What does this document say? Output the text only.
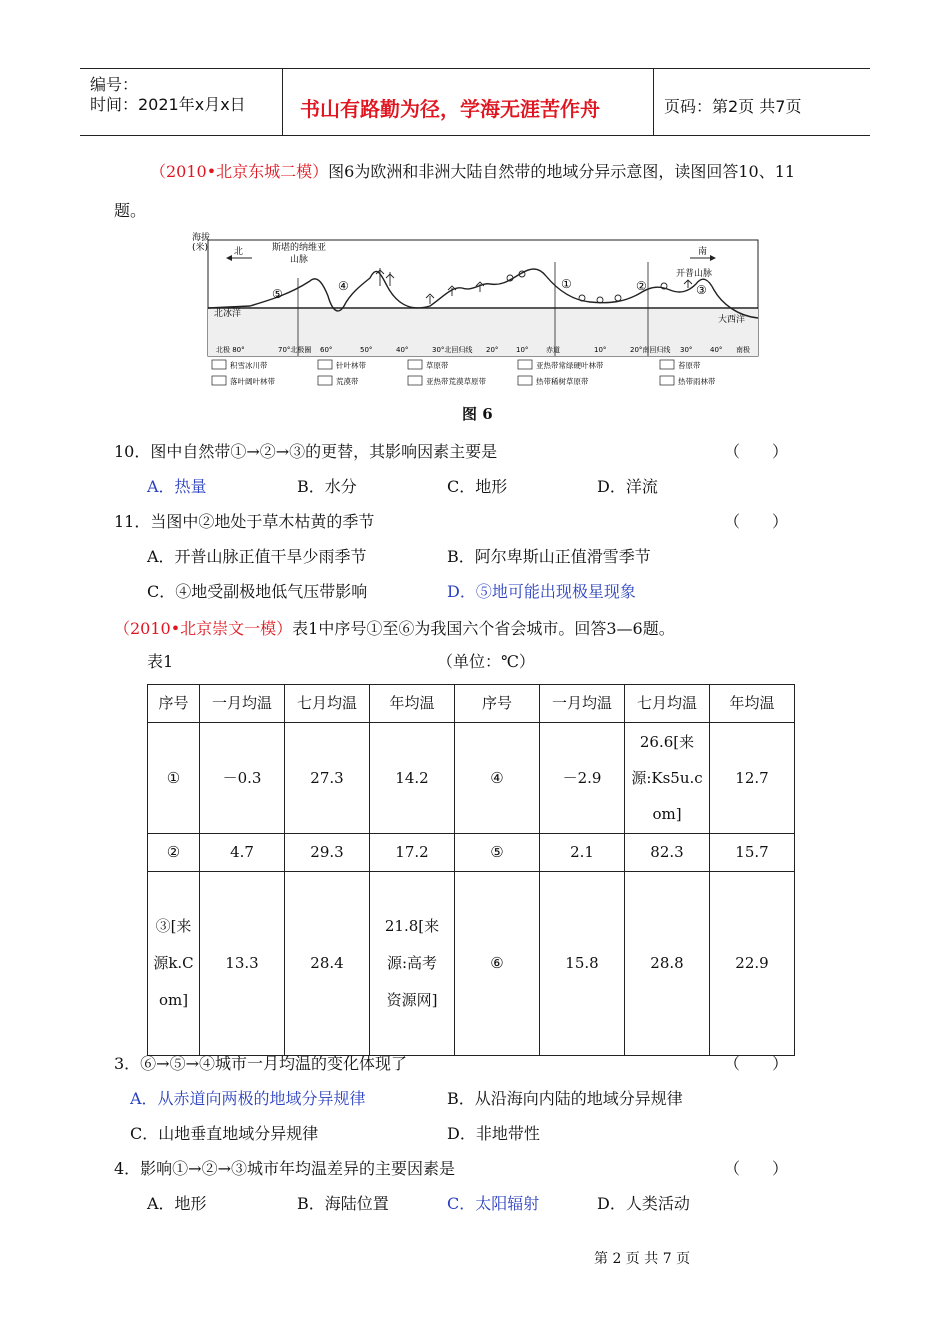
编号：
时间：2021年x月x日	书山有路勤为径，学海无涯苦作舟	页码：第2页 共7页
（2010•北京东城二模）图6为欧洲和非洲大陆自然带的地域分异示意图，读图回答10、11
题。
海拔
(米)	北	南
斯堪的纳维亚
山脉
开普山脉
北冰洋
大西洋
⑤
④	①	②	③
北极 80°	70°北极圈 60°	50°	40°	30°北回归线 20°	10°	赤道	10°	20°南回归线 30°	40° 南极
积雪冰川带	针叶林带	草原带	亚热带常绿硬叶林带	苔原带
落叶阔叶林带	荒漠带	亚热带荒漠草原带	热带稀树草原带	热带雨林带
图 6
10．图中自然带①→②→③的更替，其影响因素主要是	（　　）
A．热量	B．水分	C．地形	D．洋流
11．当图中②地处于草木枯黄的季节	（　　）
A．开普山脉正值干旱少雨季节	B．阿尔卑斯山正值滑雪季节
C．④地受副极地低气压带影响	D．⑤地可能出现极星现象
（2010•北京崇文一模）表1中序号①至⑥为我国六个省会城市。回答3—6题。
表1	（单位：℃）
序号	一月均温	七月均温	年均温	序号	一月均温	七月均温	年均温
①	－0.3	27.3	14.2	④	－2.9	26.6[来源:Ks5u.com]	12.7
②	4.7	29.3	17.2	⑤	2.1	82.3	15.7
③[来源k.Com]	13.3	28.4	21.8[来源:高考资源网]	⑥	15.8	28.8	22.9
3．⑥→⑤→④城市一月均温的变化体现了	（　　）
A．从赤道向两极的地域分异规律	B．从沿海向内陆的地域分异规律
C．山地垂直地域分异规律	D．非地带性
4．影响①→②→③城市年均温差异的主要因素是	（　　）
A．地形	B．海陆位置	C．太阳辐射	D．人类活动
第 2 页 共 7 页
